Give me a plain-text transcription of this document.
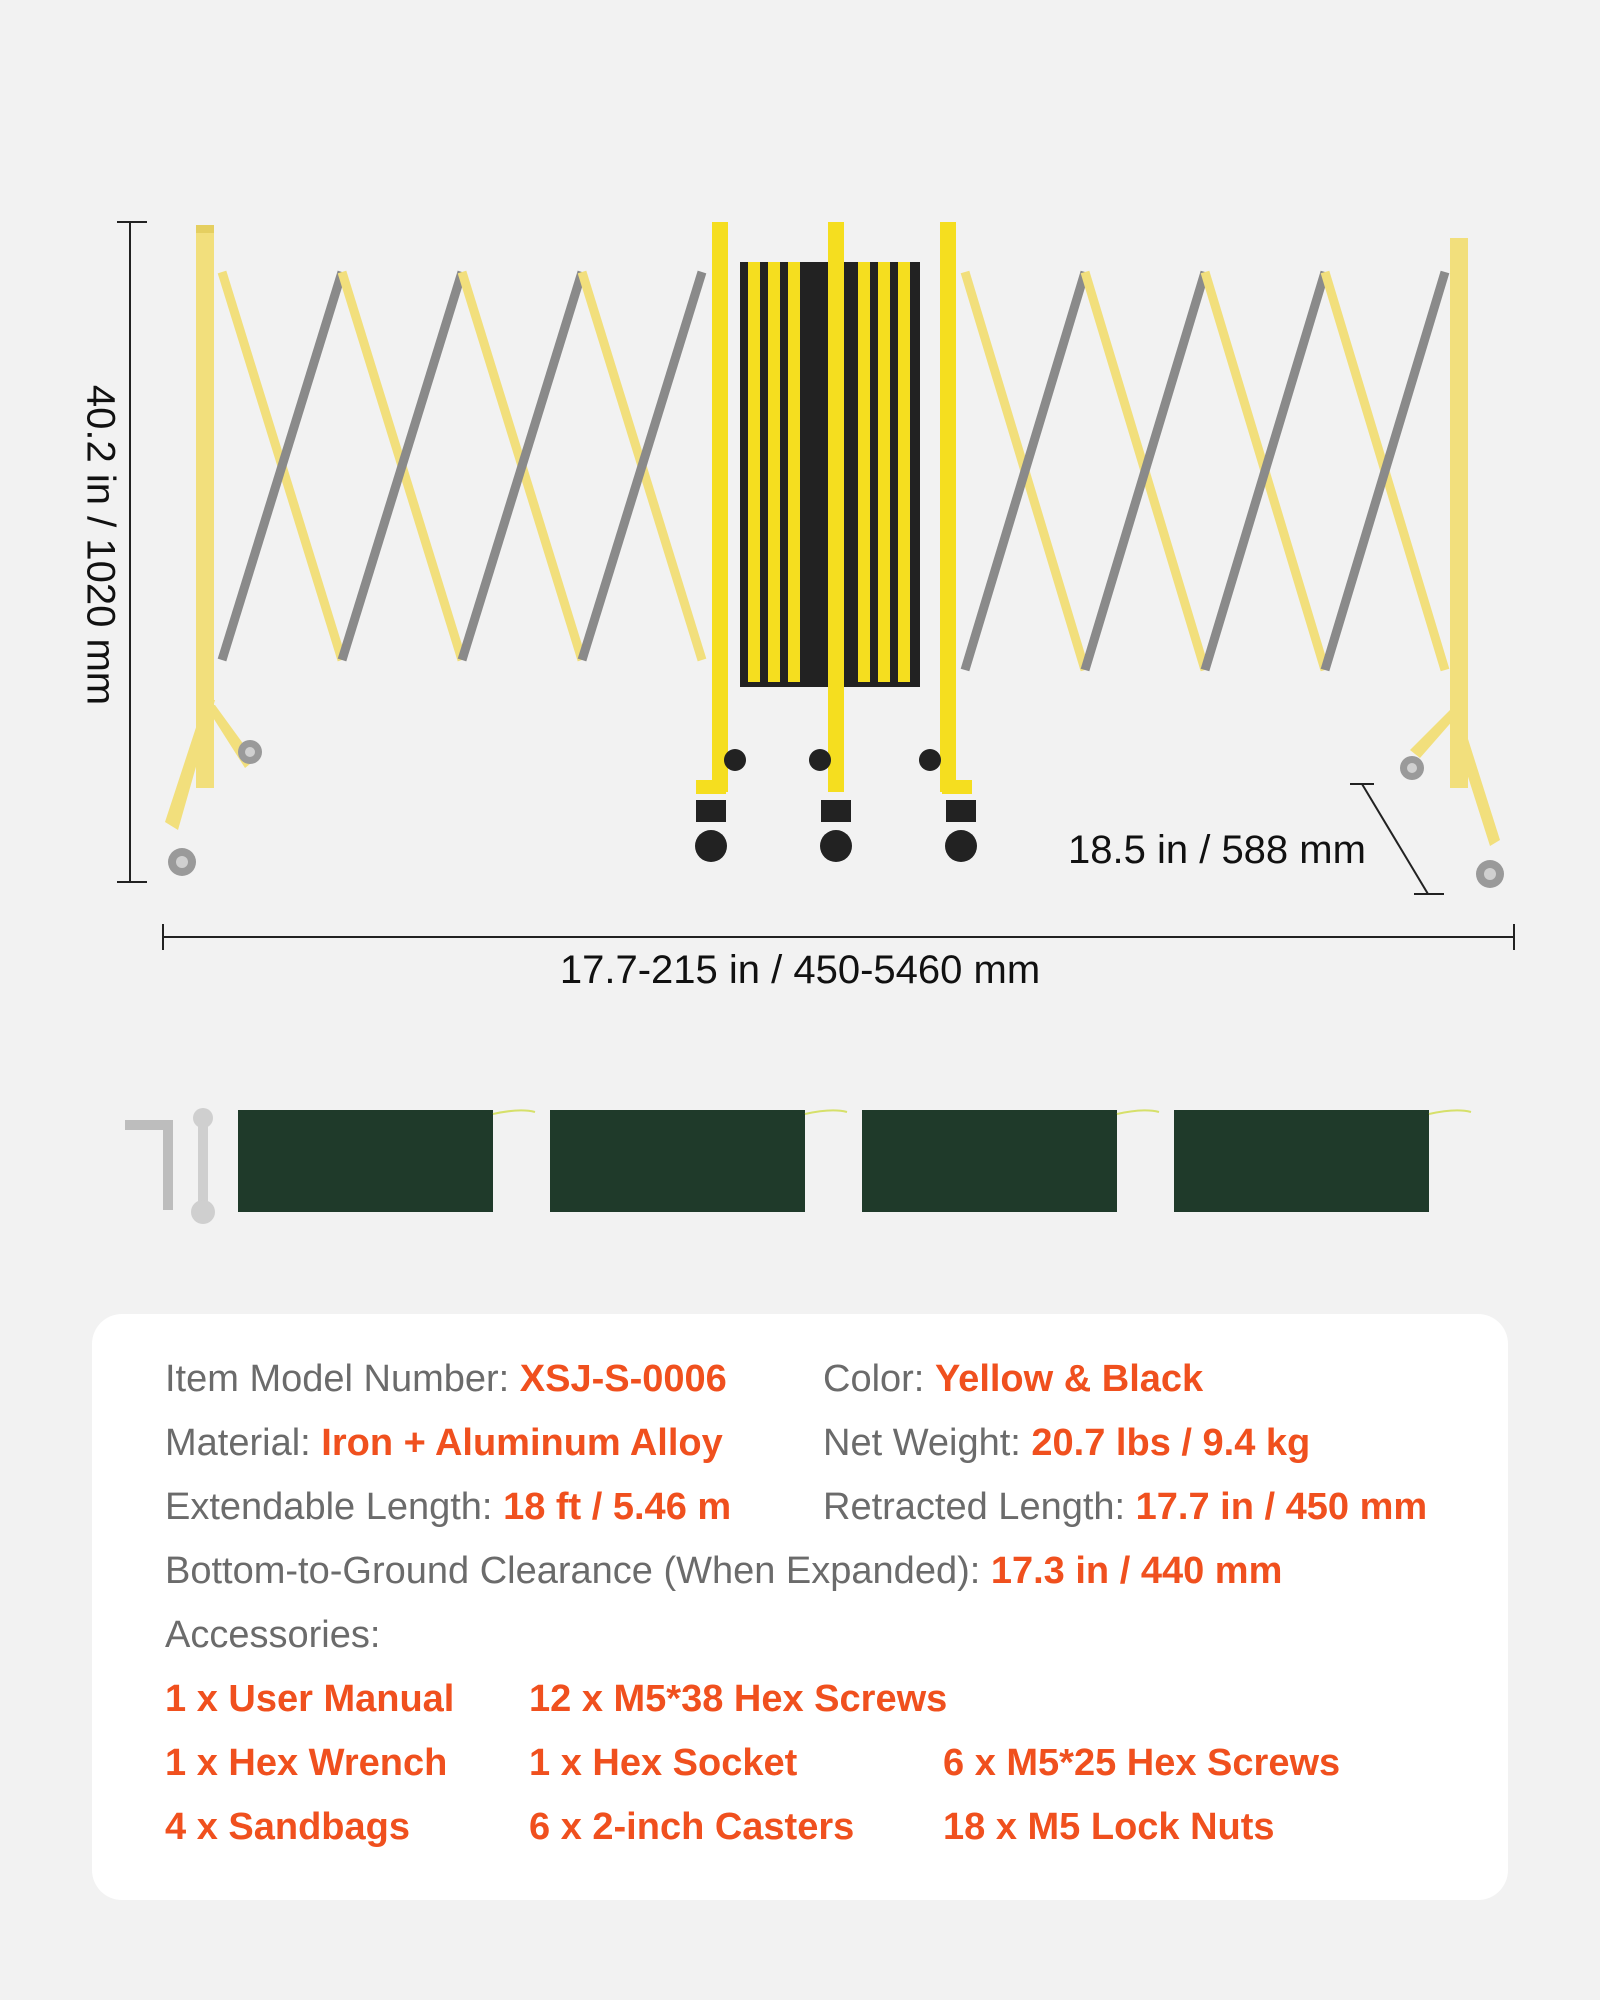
40.2 in / 1020 mm
18.5 in / 588 mm
17.7-215 in / 450-5460 mm
Item Model Number: XSJ-S-0006	Color: Yellow & Black
Material: Iron + Aluminum Alloy	Net Weight: 20.7 lbs / 9.4 kg
Extendable Length: 18 ft / 5.46 m Retracted Length: 17.7 in / 450 mm
Bottom-to-Ground Clearance (When Expanded): 17.3 in / 440 mm
Accessories:
1 x User Manual 12 x M5*38 Hex Screws
1 x Hex Wrench 1 x Hex Socket	6 x M5*25 Hex Screws
4 x Sandbags	6 x 2-inch Casters 18 x M5 Lock Nuts
